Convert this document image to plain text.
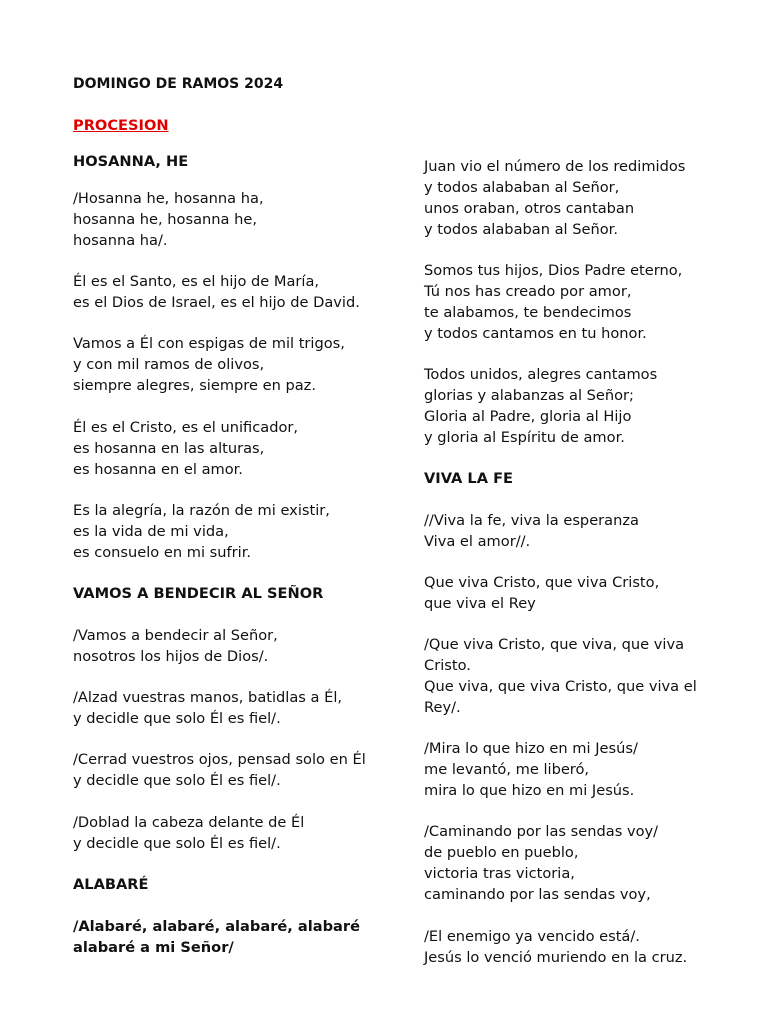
DOMINGO DE RAMOS 2024
PROCESION
HOSANNA, HE
/Hosanna he, hosanna ha,
hosanna he, hosanna he,
hosanna ha/.
Él es el Santo, es el hijo de María,
es el Dios de Israel, es el hijo de David.
Vamos a Él con espigas de mil trigos,
y con mil ramos de olivos,
siempre alegres, siempre en paz.
Él es el Cristo, es el unificador,
es hosanna en las alturas,
es hosanna en el amor.
Es la alegría, la razón de mi existir,
es la vida de mi vida,
es consuelo en mi sufrir.
VAMOS A BENDECIR AL SEÑOR
/Vamos a bendecir al Señor,
nosotros los hijos de Dios/.
/Alzad vuestras manos, batidlas a Él,
y decidle que solo Él es fiel/.
/Cerrad vuestros ojos, pensad solo en Él
y decidle que solo Él es fiel/.
/Doblad la cabeza delante de Él
y decidle que solo Él es fiel/.
ALABARÉ
/Alabaré, alabaré, alabaré, alabaré
alabaré a mi Señor/
Juan vio el número de los redimidos
y todos alababan al Señor,
unos oraban, otros cantaban
y todos alababan al Señor.
Somos tus hijos, Dios Padre eterno,
Tú nos has creado por amor,
te alabamos, te bendecimos
y todos cantamos en tu honor.
Todos unidos, alegres cantamos
glorias y alabanzas al Señor;
Gloria al Padre, gloria al Hijo
y gloria al Espíritu de amor.
VIVA LA FE
//Viva la fe, viva la esperanza
Viva el amor//.
Que viva Cristo, que viva Cristo,
que viva el Rey
/Que viva Cristo, que viva, que viva
Cristo.
Que viva, que viva Cristo, que viva el
Rey/.
/Mira lo que hizo en mi Jesús/
me levantó, me liberó,
mira lo que hizo en mi Jesús.
/Caminando por las sendas voy/
de pueblo en pueblo,
victoria tras victoria,
caminando por las sendas voy,
/El enemigo ya vencido está/.
Jesús lo venció muriendo en la cruz.
